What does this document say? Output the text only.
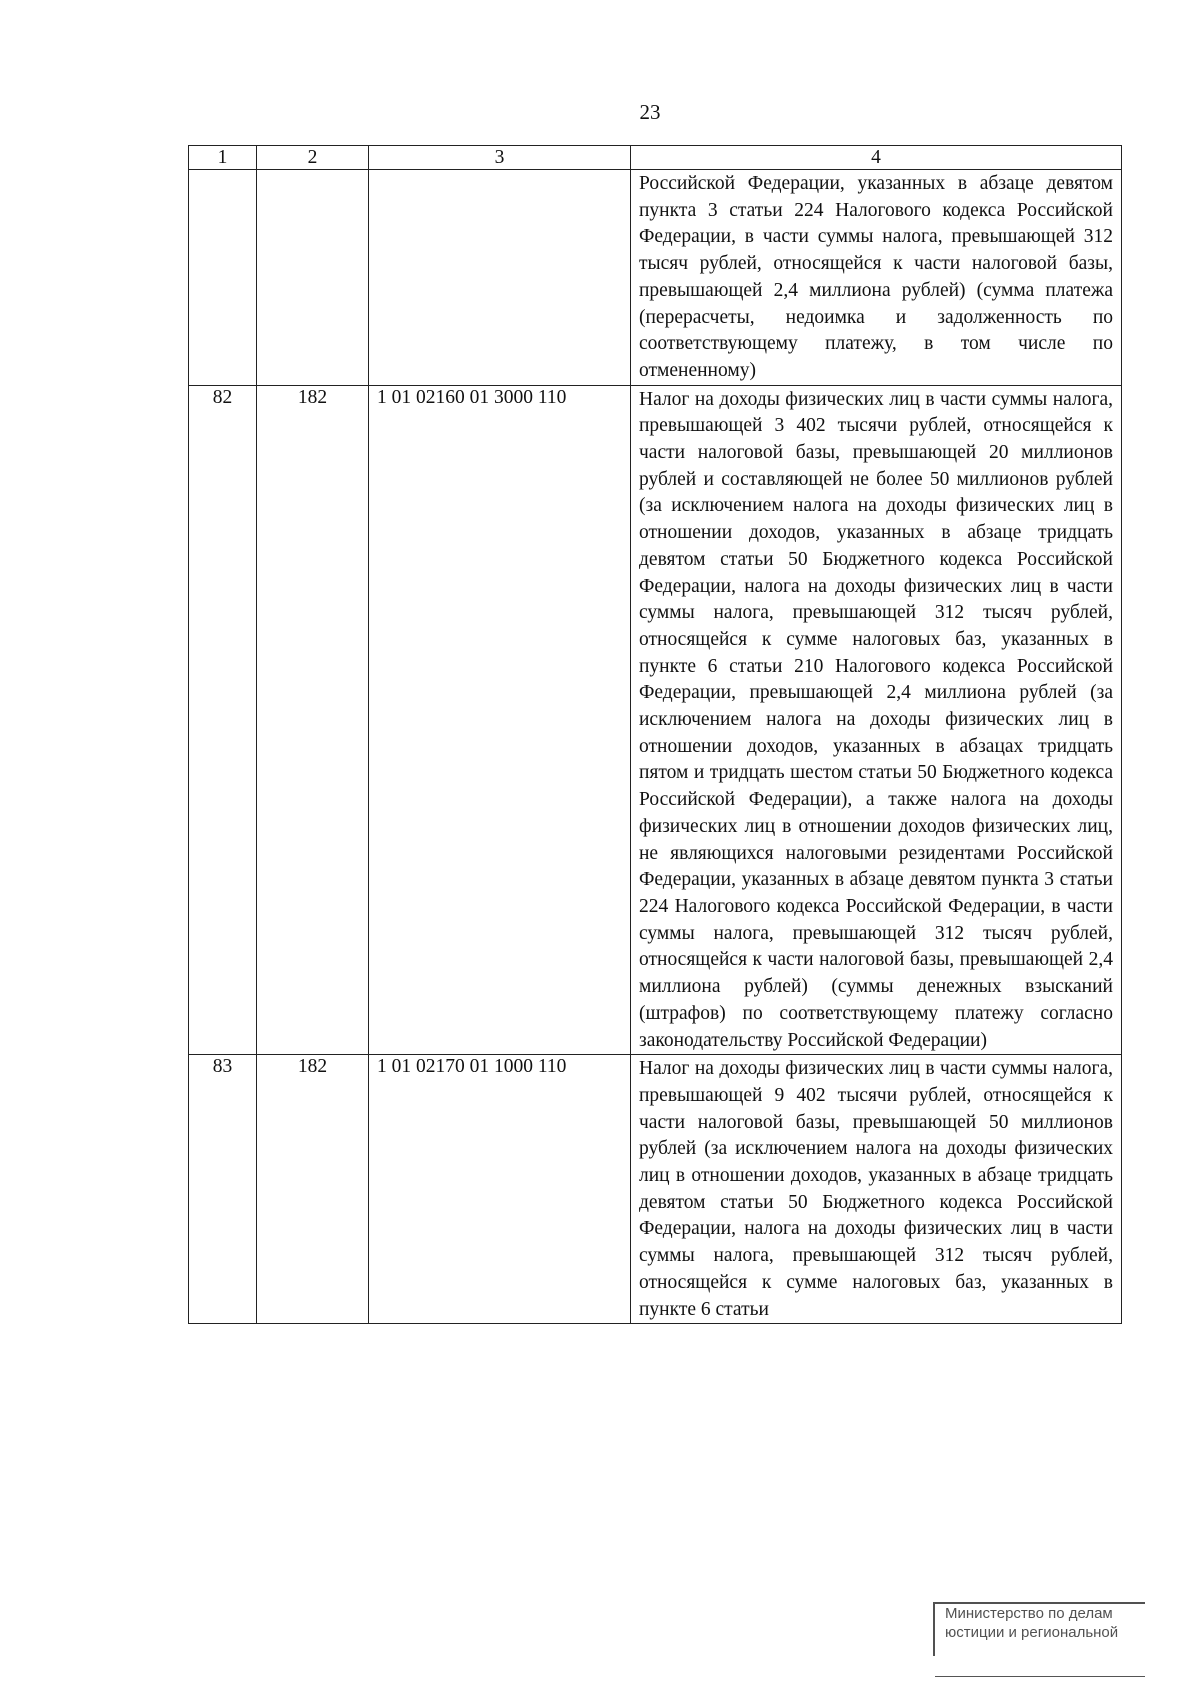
23
1	2	3	4

			Российской Федерации, указанных в абзаце девятом пункта 3 статьи 224 Налогового кодекса Российской Федерации, в части суммы налога, превышающей 312 тысяч рублей, относящейся к части налоговой базы, превышающей 2,4 миллиона рублей) (сумма платежа (перерасчеты, недоимка и задолженность по соответствующему платежу, в том числе по отмененному)

82	182	1 01 02160 01 3000 110	Налог на доходы физических лиц в части суммы налога, превышающей 3 402 тысячи рублей, относящейся к части налоговой базы, превышающей 20 миллионов рублей и составляющей не более 50 миллионов рублей (за исключением налога на доходы физических лиц в отношении доходов, указанных в абзаце тридцать девятом статьи 50 Бюджетного кодекса Российской Федерации, налога на доходы физических лиц в части суммы налога, превышающей 312 тысяч рублей, относящейся к сумме налоговых баз, указанных в пункте 6 статьи 210 Налогового кодекса Российской Федерации, превышающей 2,4 миллиона рублей (за исключением налога на доходы физических лиц в отношении доходов, указанных в абзацах тридцать пятом и тридцать шестом статьи 50 Бюджетного кодекса Российской Федерации), а также налога на доходы физических лиц в отношении доходов физических лиц, не являющихся налоговыми резидентами Российской Федерации, указанных в абзаце девятом пункта 3 статьи 224 Налогового кодекса Российской Федерации, в части суммы налога, превышающей 312 тысяч рублей, относящейся к части налоговой базы, превышающей 2,4 миллиона рублей) (суммы денежных взысканий (штрафов) по соответствующему платежу согласно законодательству Российской Федерации)

83	182	1 01 02170 01 1000 110	Налог на доходы физических лиц в части суммы налога, превышающей 9 402 тысячи рублей, относящейся к части налоговой базы, превышающей 50 миллионов рублей (за исключением налога на доходы физических лиц в отношении доходов, указанных в абзаце тридцать девятом статьи 50 Бюджетного кодекса Российской Федерации, налога на доходы физических лиц в части суммы налога, превышающей 312 тысяч рублей, относящейся к сумме налоговых баз, указанных в пункте 6 статьи
Министерство по делам
юстиции и региональной
